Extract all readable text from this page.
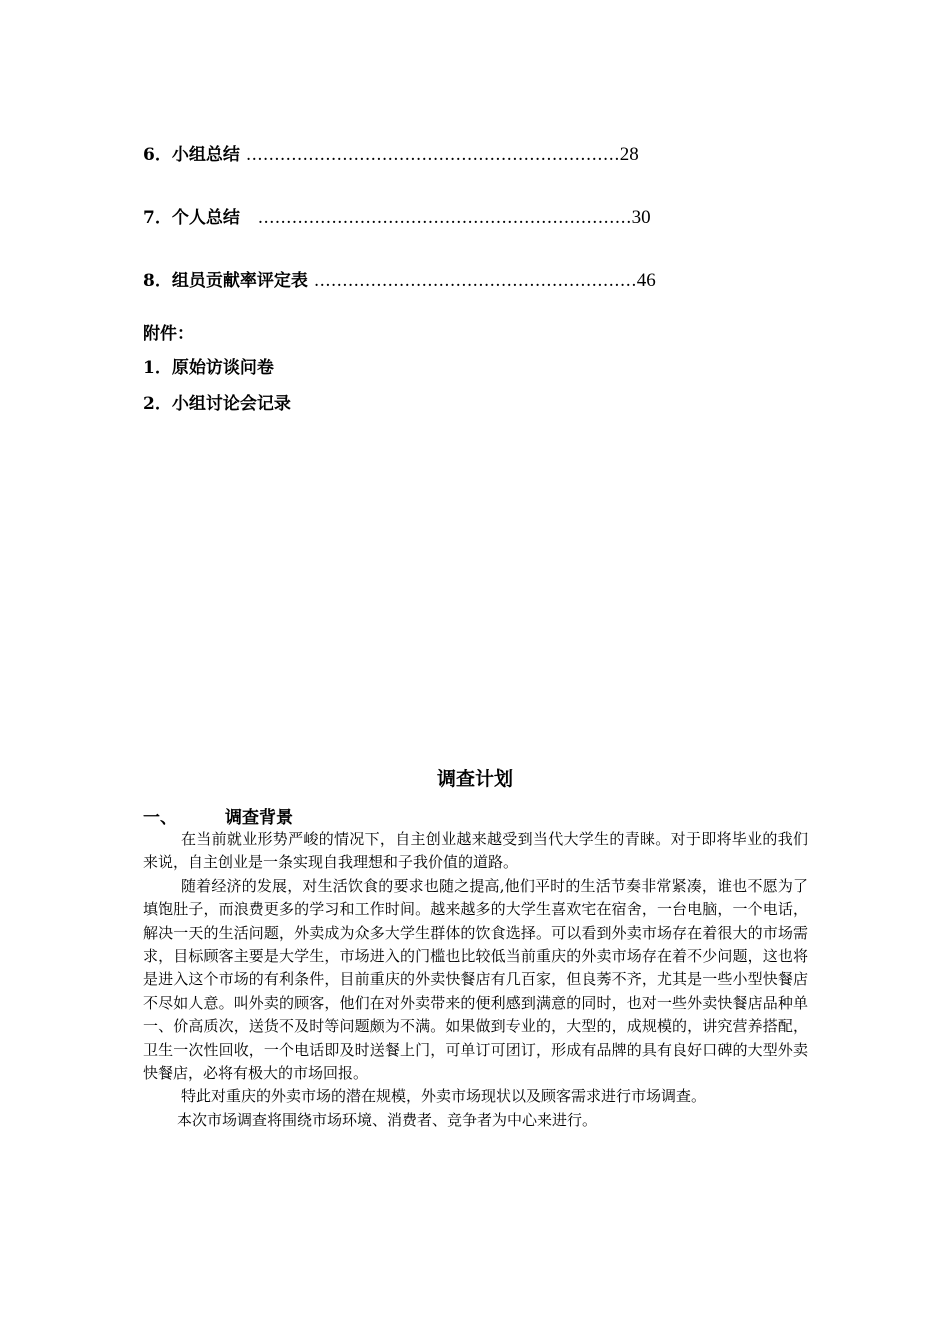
6．小组总结 …………………………………………………………28
7．个人总结 …………………………………………………………30
8．组员贡献率评定表 …………………………………………………46
附件：
1．原始访谈问卷
2．小组讨论会记录
调查计划
一、	调查背景

在当前就业形势严峻的情况下，自主创业越来越受到当代大学生的青睐。对于即将毕业的我们来说，自主创业是一条实现自我理想和子我价值的道路。

随着经济的发展，对生活饮食的要求也随之提高,他们平时的生活节奏非常紧凑，谁也不愿为了填饱肚子，而浪费更多的学习和工作时间。越来越多的大学生喜欢宅在宿舍，一台电脑，一个电话，解决一天的生活问题，外卖成为众多大学生群体的饮食选择。可以看到外卖市场存在着很大的市场需求，目标顾客主要是大学生，市场进入的门槛也比较低当前重庆的外卖市场存在着不少问题，这也将是进入这个市场的有利条件，目前重庆的外卖快餐店有几百家，但良莠不齐，尤其是一些小型快餐店不尽如人意。叫外卖的顾客，他们在对外卖带来的便利感到满意的同时，也对一些外卖快餐店品种单一、价高质次，送货不及时等问题颇为不满。如果做到专业的，大型的，成规模的，讲究营养搭配，卫生一次性回收，一个电话即及时送餐上门，可单订可团订，形成有品牌的具有良好口碑的大型外卖快餐店，必将有极大的市场回报。

特此对重庆的外卖市场的潜在规模，外卖市场现状以及顾客需求进行市场调查。

本次市场调查将围绕市场环境、消费者、竞争者为中心来进行。
